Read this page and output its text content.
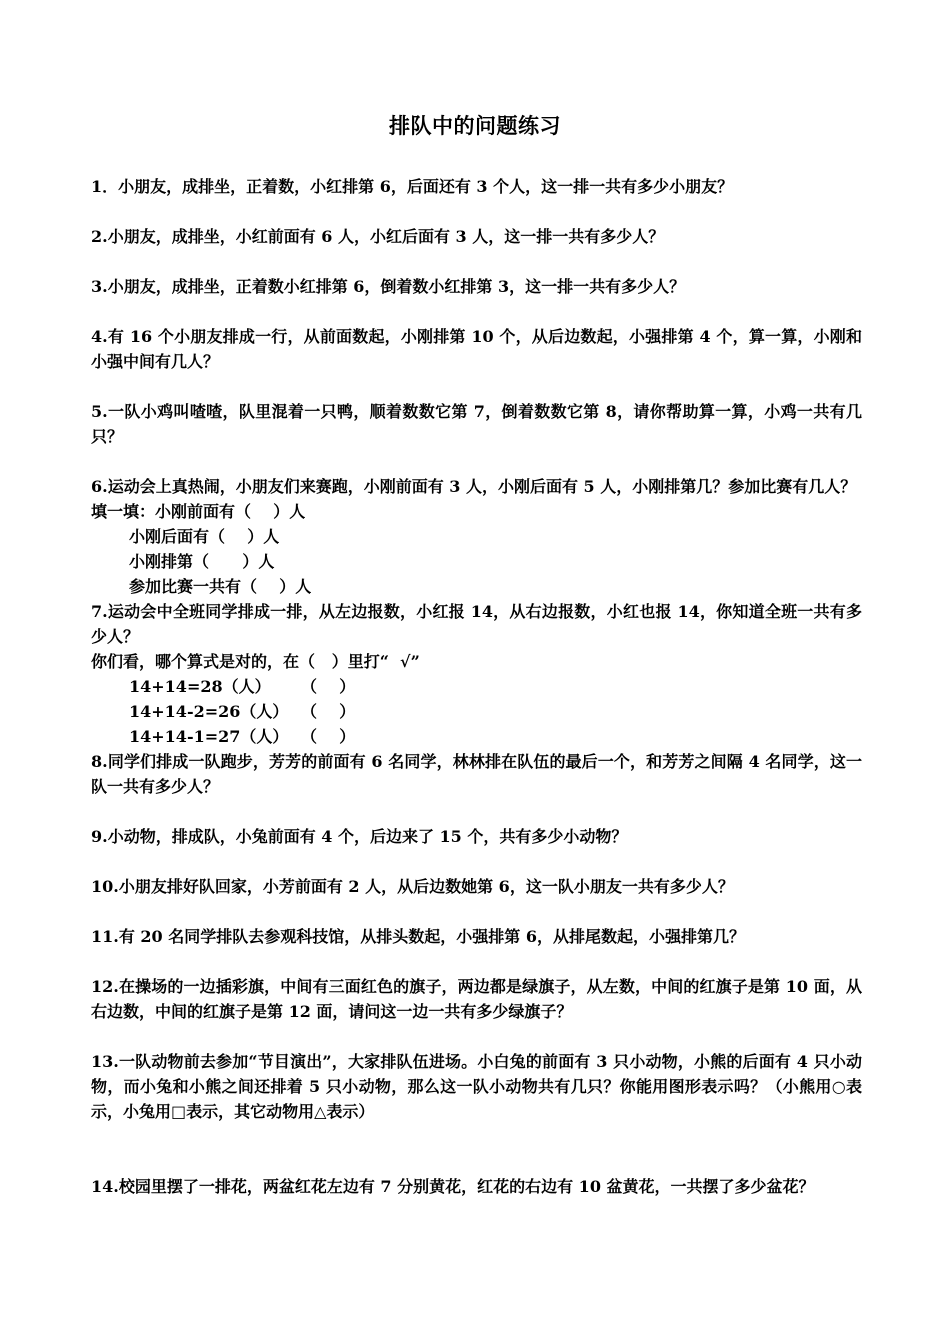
排队中的问题练习
1．小朋友，成排坐，正着数，小红排第 6，后面还有 3 个人，这一排一共有多少小朋友？
2.小朋友，成排坐，小红前面有 6 人，小红后面有 3 人，这一排一共有多少人？
3.小朋友，成排坐，正着数小红排第 6，倒着数小红排第 3，这一排一共有多少人？
4.有 16 个小朋友排成一行，从前面数起，小刚排第 10 个，从后边数起，小强排第 4 个，算一算，小刚和小强中间有几人？
5.一队小鸡叫喳喳，队里混着一只鸭，顺着数数它第 7，倒着数数它第 8，请你帮助算一算，小鸡一共有几只？
6.运动会上真热闹，小朋友们来赛跑，小刚前面有 3 人，小刚后面有 5 人，小刚排第几？参加比赛有几人？
填一填：小刚前面有（    ）人
小刚后面有（    ）人
小刚排第（      ）人
参加比赛一共有（    ）人
7.运动会中全班同学排成一排，从左边报数，小红报 14，从右边报数，小红也报 14，你知道全班一共有多少人？
你们看，哪个算式是对的，在（   ）里打“  √”
14+14=28（人） （    ）
14+14-2=26（人） （    ）
14+14-1=27（人） （    ）
8.同学们排成一队跑步，芳芳的前面有 6 名同学，林林排在队伍的最后一个，和芳芳之间隔 4 名同学，这一队一共有多少人？
9.小动物，排成队，小兔前面有 4 个，后边来了 15 个，共有多少小动物？
10.小朋友排好队回家，小芳前面有 2 人，从后边数她第 6，这一队小朋友一共有多少人？
11.有 20 名同学排队去参观科技馆，从排头数起，小强排第 6，从排尾数起，小强排第几？
12.在操场的一边插彩旗，中间有三面红色的旗子，两边都是绿旗子，从左数，中间的红旗子是第 10 面，从右边数，中间的红旗子是第 12 面，请问这一边一共有多少绿旗子？
13.一队动物前去参加“节目演出”，大家排队伍进场。小白兔的前面有 3 只小动物，小熊的后面有 4 只小动物，而小兔和小熊之间还排着 5 只小动物，那么这一队小动物共有几只？你能用图形表示吗？（小熊用○表示，小兔用□表示，其它动物用△表示）
14.校园里摆了一排花，两盆红花左边有 7 分别黄花，红花的右边有 10 盆黄花，一共摆了多少盆花？
